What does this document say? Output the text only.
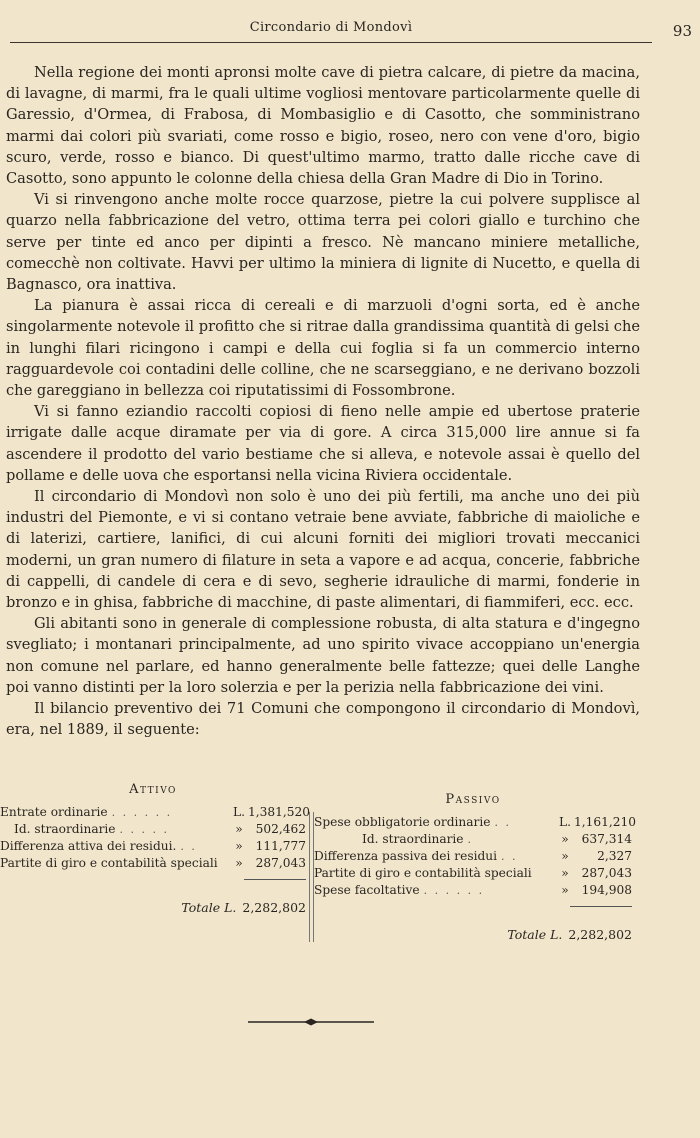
Circondario di Mondovì	93

Nella regione dei monti apronsi molte cave di pietra calcare, di pietre da macina, di lavagne, di marmi, fra le quali ultime vogliosi mentovare particolarmente quelle di Garessio, d'Ormea, di Frabosa, di Mombasiglio e di Casotto, che somministrano marmi dai colori più svariati, come rosso e bigio, roseo, nero con vene d'oro, bigio scuro, verde, rosso e bianco. Di quest'ultimo marmo, tratto dalle ricche cave di Casotto, sono appunto le colonne della chiesa della Gran Madre di Dio in Torino.

Vi si rinvengono anche molte rocce quarzose, pietre la cui polvere supplisce al quarzo nella fabbricazione del vetro, ottima terra pei colori giallo e turchino che serve per tinte ed anco per dipinti a fresco. Nè mancano miniere metalliche, comecchè non coltivate. Havvi per ultimo la miniera di lignite di Nucetto, e quella di Bagnasco, ora inattiva.

La pianura è assai ricca di cereali e di marzuoli d'ogni sorta, ed è anche singolarmente notevole il profitto che si ritrae dalla grandissima quantità di gelsi che in lunghi filari ricingono i campi e della cui foglia si fa un commercio interno ragguardevole coi contadini delle colline, che ne scarseggiano, e ne derivano bozzoli che gareggiano in bellezza coi riputatissimi di Fossombrone.

Vi si fanno eziandio raccolti copiosi di fieno nelle ampie ed ubertose praterie irrigate dalle acque diramate per via di gore. A circa 315,000 lire annue si fa ascendere il prodotto del vario bestiame che si alleva, e notevole assai è quello del pollame e delle uova che esportansi nella vicina Riviera occidentale.

Il circondario di Mondovì non solo è uno dei più fertili, ma anche uno dei più industri del Piemonte, e vi si contano vetraie bene avviate, fabbriche di maioliche e di laterizi, cartiere, lanifici, di cui alcuni forniti dei migliori trovati meccanici moderni, un gran numero di filature in seta a vapore e ad acqua, concerie, fabbriche di cappelli, di candele di cera e di sevo, segherie idrauliche di marmi, fonderie in bronzo e in ghisa, fabbriche di macchine, di paste alimentari, di fiammiferi, ecc. ecc.

Gli abitanti sono in generale di complessione robusta, di alta statura e d'ingegno svegliato; i montanari principalmente, ad uno spirito vivace accoppiano un'energia non comune nel parlare, ed hanno generalmente belle fattezze; quei delle Langhe poi vanno distinti per la loro solerzia e per la perizia nella fabbricazione dei vini.

Il bilancio preventivo dei 71 Comuni che compongono il circondario di Mondovì, era, nel 1889, il seguente:

Attivo
Entrate ordinarie . . . . . .	L. 1,381,520
Id. straordinarie . . . . .	»	502,462
Differenza attiva dei residui. . .	»	111,777
Partite di giro e contabilità speciali	»	287,043
Totale L. 2,282,802
Passivo
Spese obbligatorie ordinarie . .	L. 1,161,210
Id. straordinarie .	»	637,314
Differenza passiva dei residui . .	»	2,327
Partite di giro e contabilità speciali	»	287,043
Spese facoltative . . . . . .	»	194,908
Totale L. 2,282,802
